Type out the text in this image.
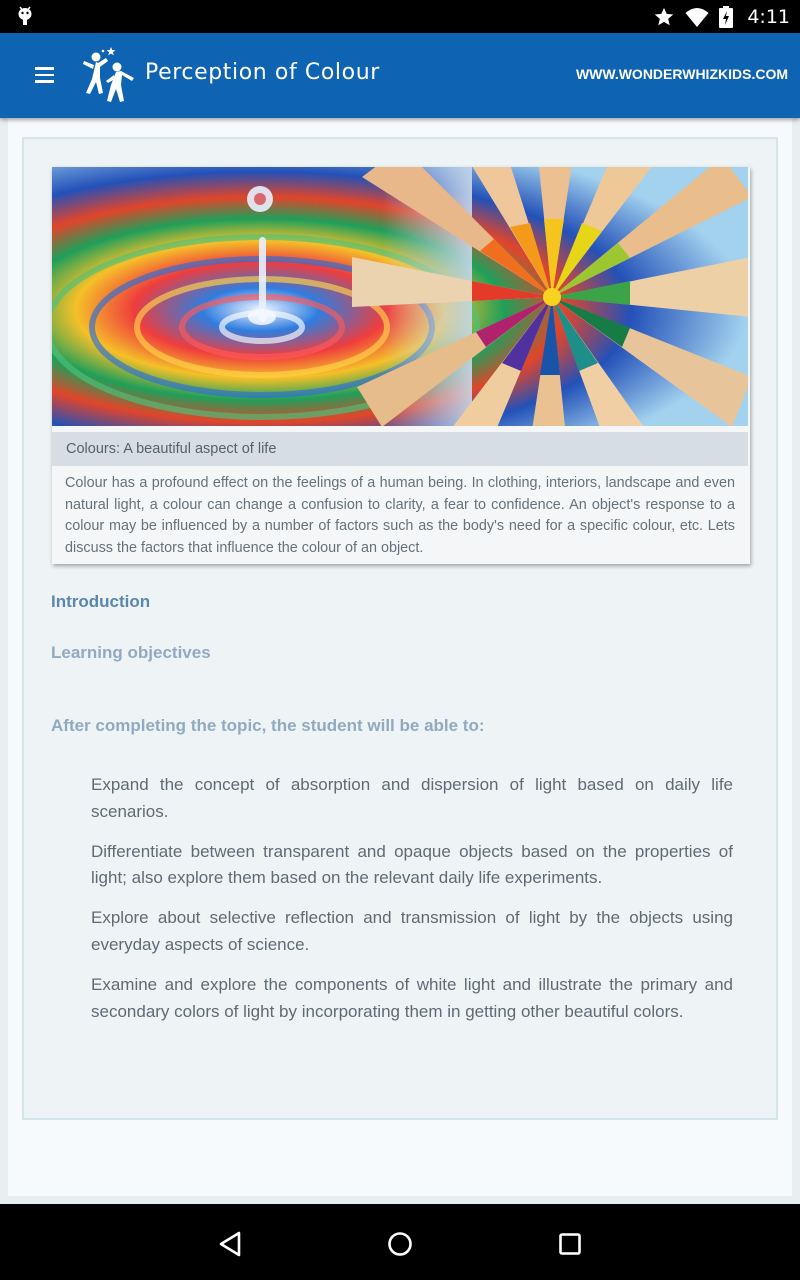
4:11
Perception of Colour	WWW.WONDERWHIZKIDS.COM
Colours: A beautiful aspect of life
Colour has a profound effect on the feelings of a human being. In clothing, interiors, landscape and even natural light, a colour can change a confusion to clarity, a fear to confidence. An object's response to a colour may be influenced by a number of factors such as the body's need for a specific colour, etc. Lets discuss the factors that influence the colour of an object.
Introduction
Learning objectives
After completing the topic, the student will be able to:
Expand the concept of absorption and dispersion of light based on daily life scenarios.
Differentiate between transparent and opaque objects based on the properties of light; also explore them based on the relevant daily life experiments.
Explore about selective reflection and transmission of light by the objects using everyday aspects of science.
Examine and explore the components of white light and illustrate the primary and secondary colors of light by incorporating them in getting other beautiful colors.
